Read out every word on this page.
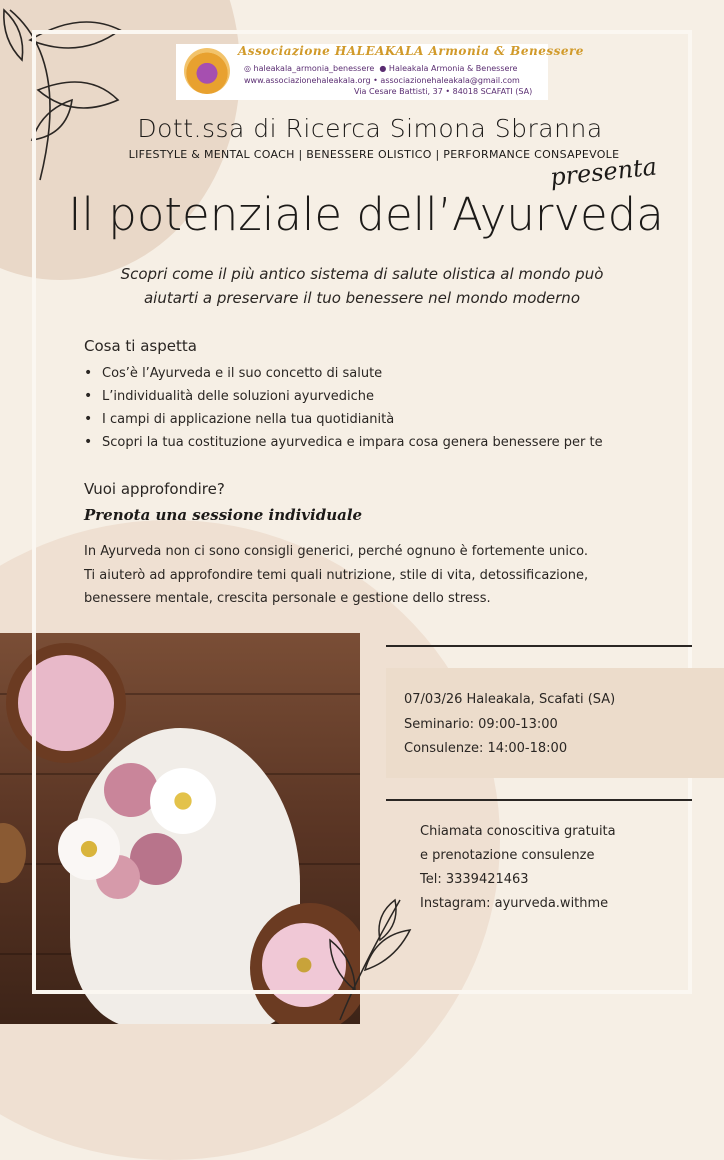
Associazione HALEAKALA Armonia & Benessere
◎ haleakala_armonia_benessere ● Haleakala Armonia & Benessere
www.associazionehaleakala.org • associazionehaleakala@gmail.com
Via Cesare Battisti, 37 • 84018 SCAFATI (SA)
Dott.ssa di Ricerca Simona Sbranna
LIFESTYLE & MENTAL COACH | BENESSERE OLISTICO | PERFORMANCE CONSAPEVOLE
presenta
Il potenziale dell’Ayurveda
Scopri come il più antico sistema di salute olistica al mondo può
aiutarti a preservare il tuo benessere nel mondo moderno
Cosa ti aspetta
• Cos’è l’Ayurveda e il suo concetto di salute
• L’individualità delle soluzioni ayurvediche
• I campi di applicazione nella tua quotidianità
• Scopri la tua costituzione ayurvedica e impara cosa genera benessere per te
Vuoi approfondire?
Prenota una sessione individuale
In Ayurveda non ci sono consigli generici, perché ognuno è fortemente unico.
Ti aiuterò ad approfondire temi quali nutrizione, stile di vita, detossificazione,
benessere mentale, crescita personale e gestione dello stress.
07/03/26 Haleakala, Scafati (SA)
Seminario: 09:00-13:00
Consulenze: 14:00-18:00
Chiamata conoscitiva gratuita
e prenotazione consulenze
Tel: 3339421463
Instagram: ayurveda.withme
